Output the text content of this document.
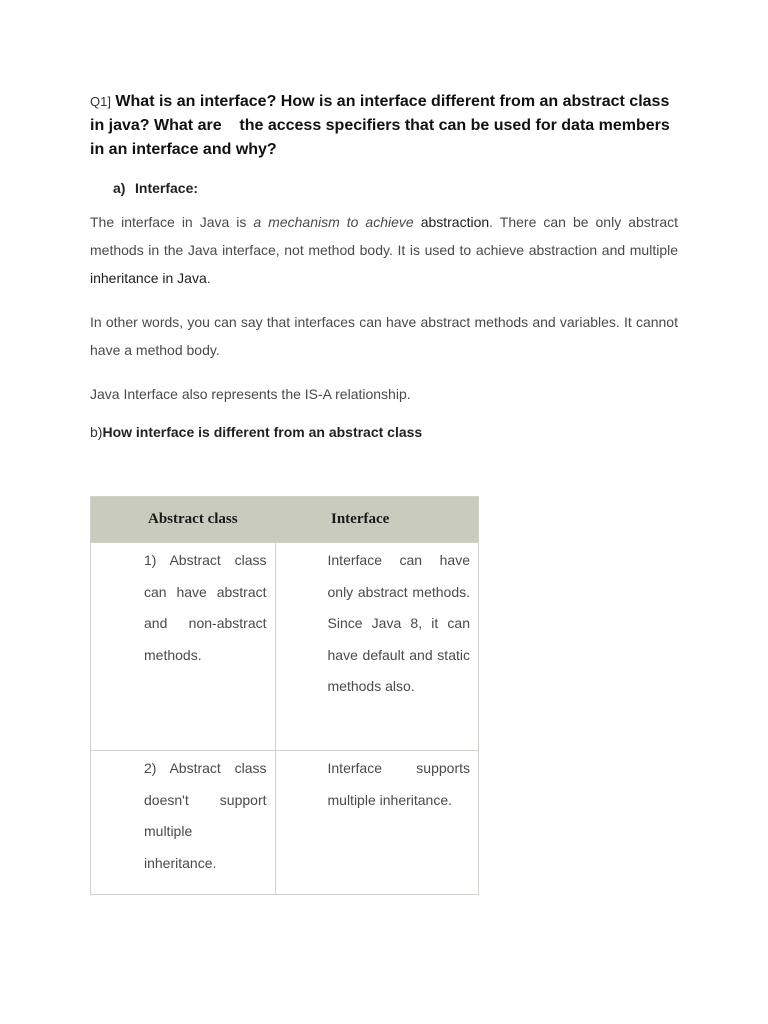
Q1] What is an interface? How is an interface different from an abstract class in java? What are    the access specifiers that can be used for data members in an interface and why?

a) Interface:

The interface in Java is a mechanism to achieve abstraction. There can be only abstract methods in the Java interface, not method body. It is used to achieve abstraction and multiple inheritance in Java.

In other words, you can say that interfaces can have abstract methods and variables. It cannot have a method body.

Java Interface also represents the IS-A relationship.

b)How interface is different from an abstract class
Abstract class	Interface
1) Abstract class can have abstract and non-abstract methods.	Interface can have only abstract methods. Since Java 8, it can have default and static methods also.
2) Abstract class doesn't support multiple inheritance.	Interface supports multiple inheritance.
